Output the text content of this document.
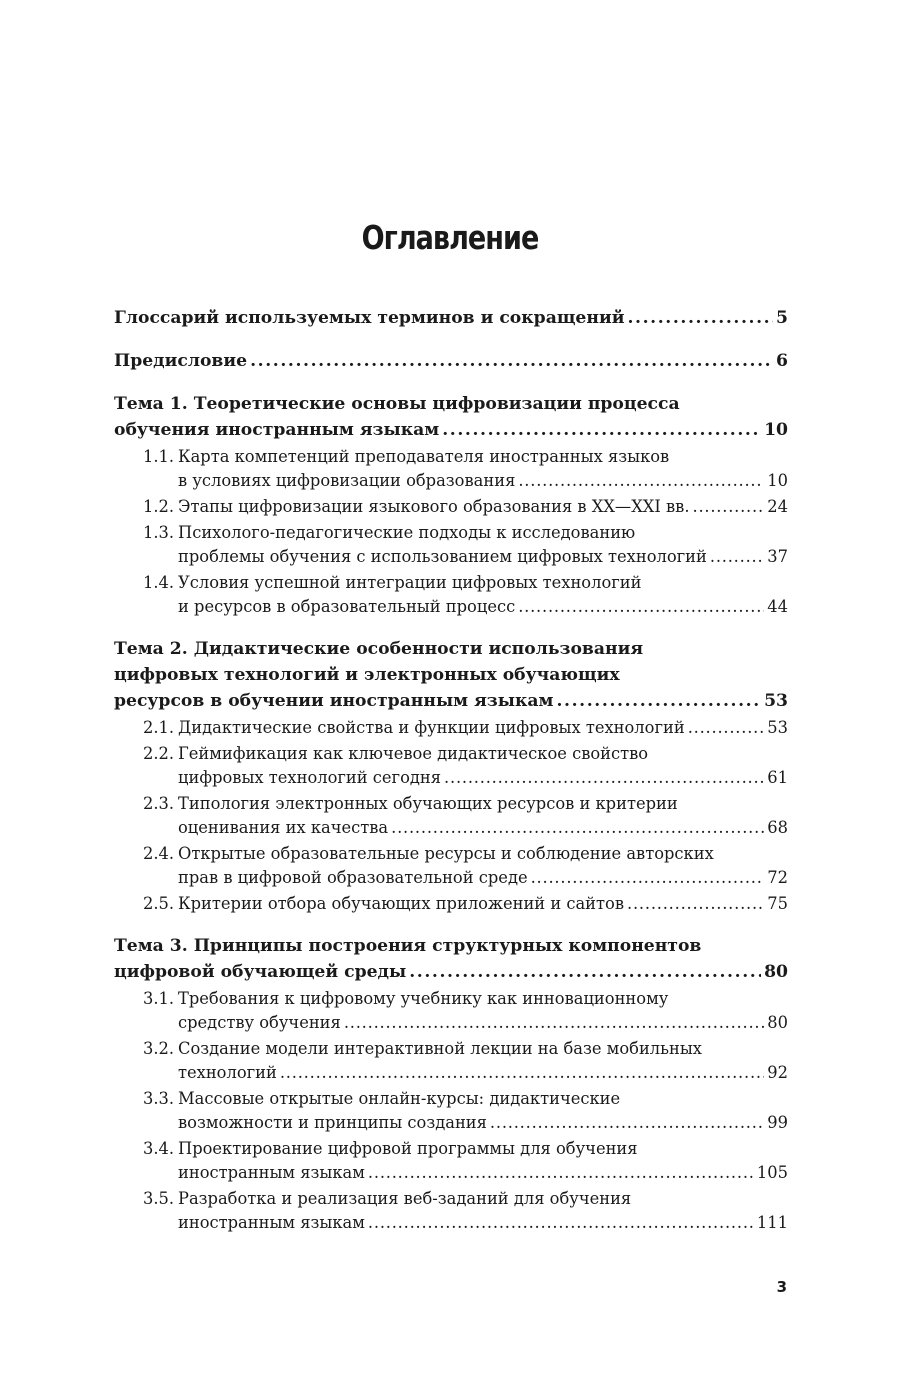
Оглавление
Глоссарий используемых терминов и сокращений . . .	5
Предисловие . . .	6
Тема 1. Теоретические основы цифровизации процесса
обучения иностранным языкам . . .	10
1.1. Карта компетенций преподавателя иностранных языков
в условиях цифровизации образования . . .	10
1.2. Этапы цифровизации языкового образования в XX—XXI вв. . . .	24
1.3. Психолого-педагогические подходы к исследованию
проблемы обучения с использованием цифровых технологий . . .	37
1.4. Условия успешной интеграции цифровых технологий
и ресурсов в образовательный процесс . . .	44
Тема 2. Дидактические особенности использования
цифровых технологий и электронных обучающих
ресурсов в обучении иностранным языкам . . .	53
2.1. Дидактические свойства и функции цифровых технологий . . .	53
2.2. Геймификация как ключевое дидактическое свойство
цифровых технологий сегодня . . .	61
2.3. Типология электронных обучающих ресурсов и критерии
оценивания их качества . . .	68
2.4. Открытые образовательные ресурсы и соблюдение авторских
прав в цифровой образовательной среде . . .	72
2.5. Критерии отбора обучающих приложений и сайтов . . .	75
Тема 3. Принципы построения структурных компонентов
цифровой обучающей среды . . .	80
3.1. Требования к цифровому учебнику как инновационному
средству обучения . . .	80
3.2. Создание модели интерактивной лекции на базе мобильных
технологий . . .	92
3.3. Массовые открытые онлайн-курсы: дидактические
возможности и принципы создания . . .	99
3.4. Проектирование цифровой программы для обучения
иностранным языкам . . .	105
3.5. Разработка и реализация веб-заданий для обучения
иностранным языкам . . .	111
3
